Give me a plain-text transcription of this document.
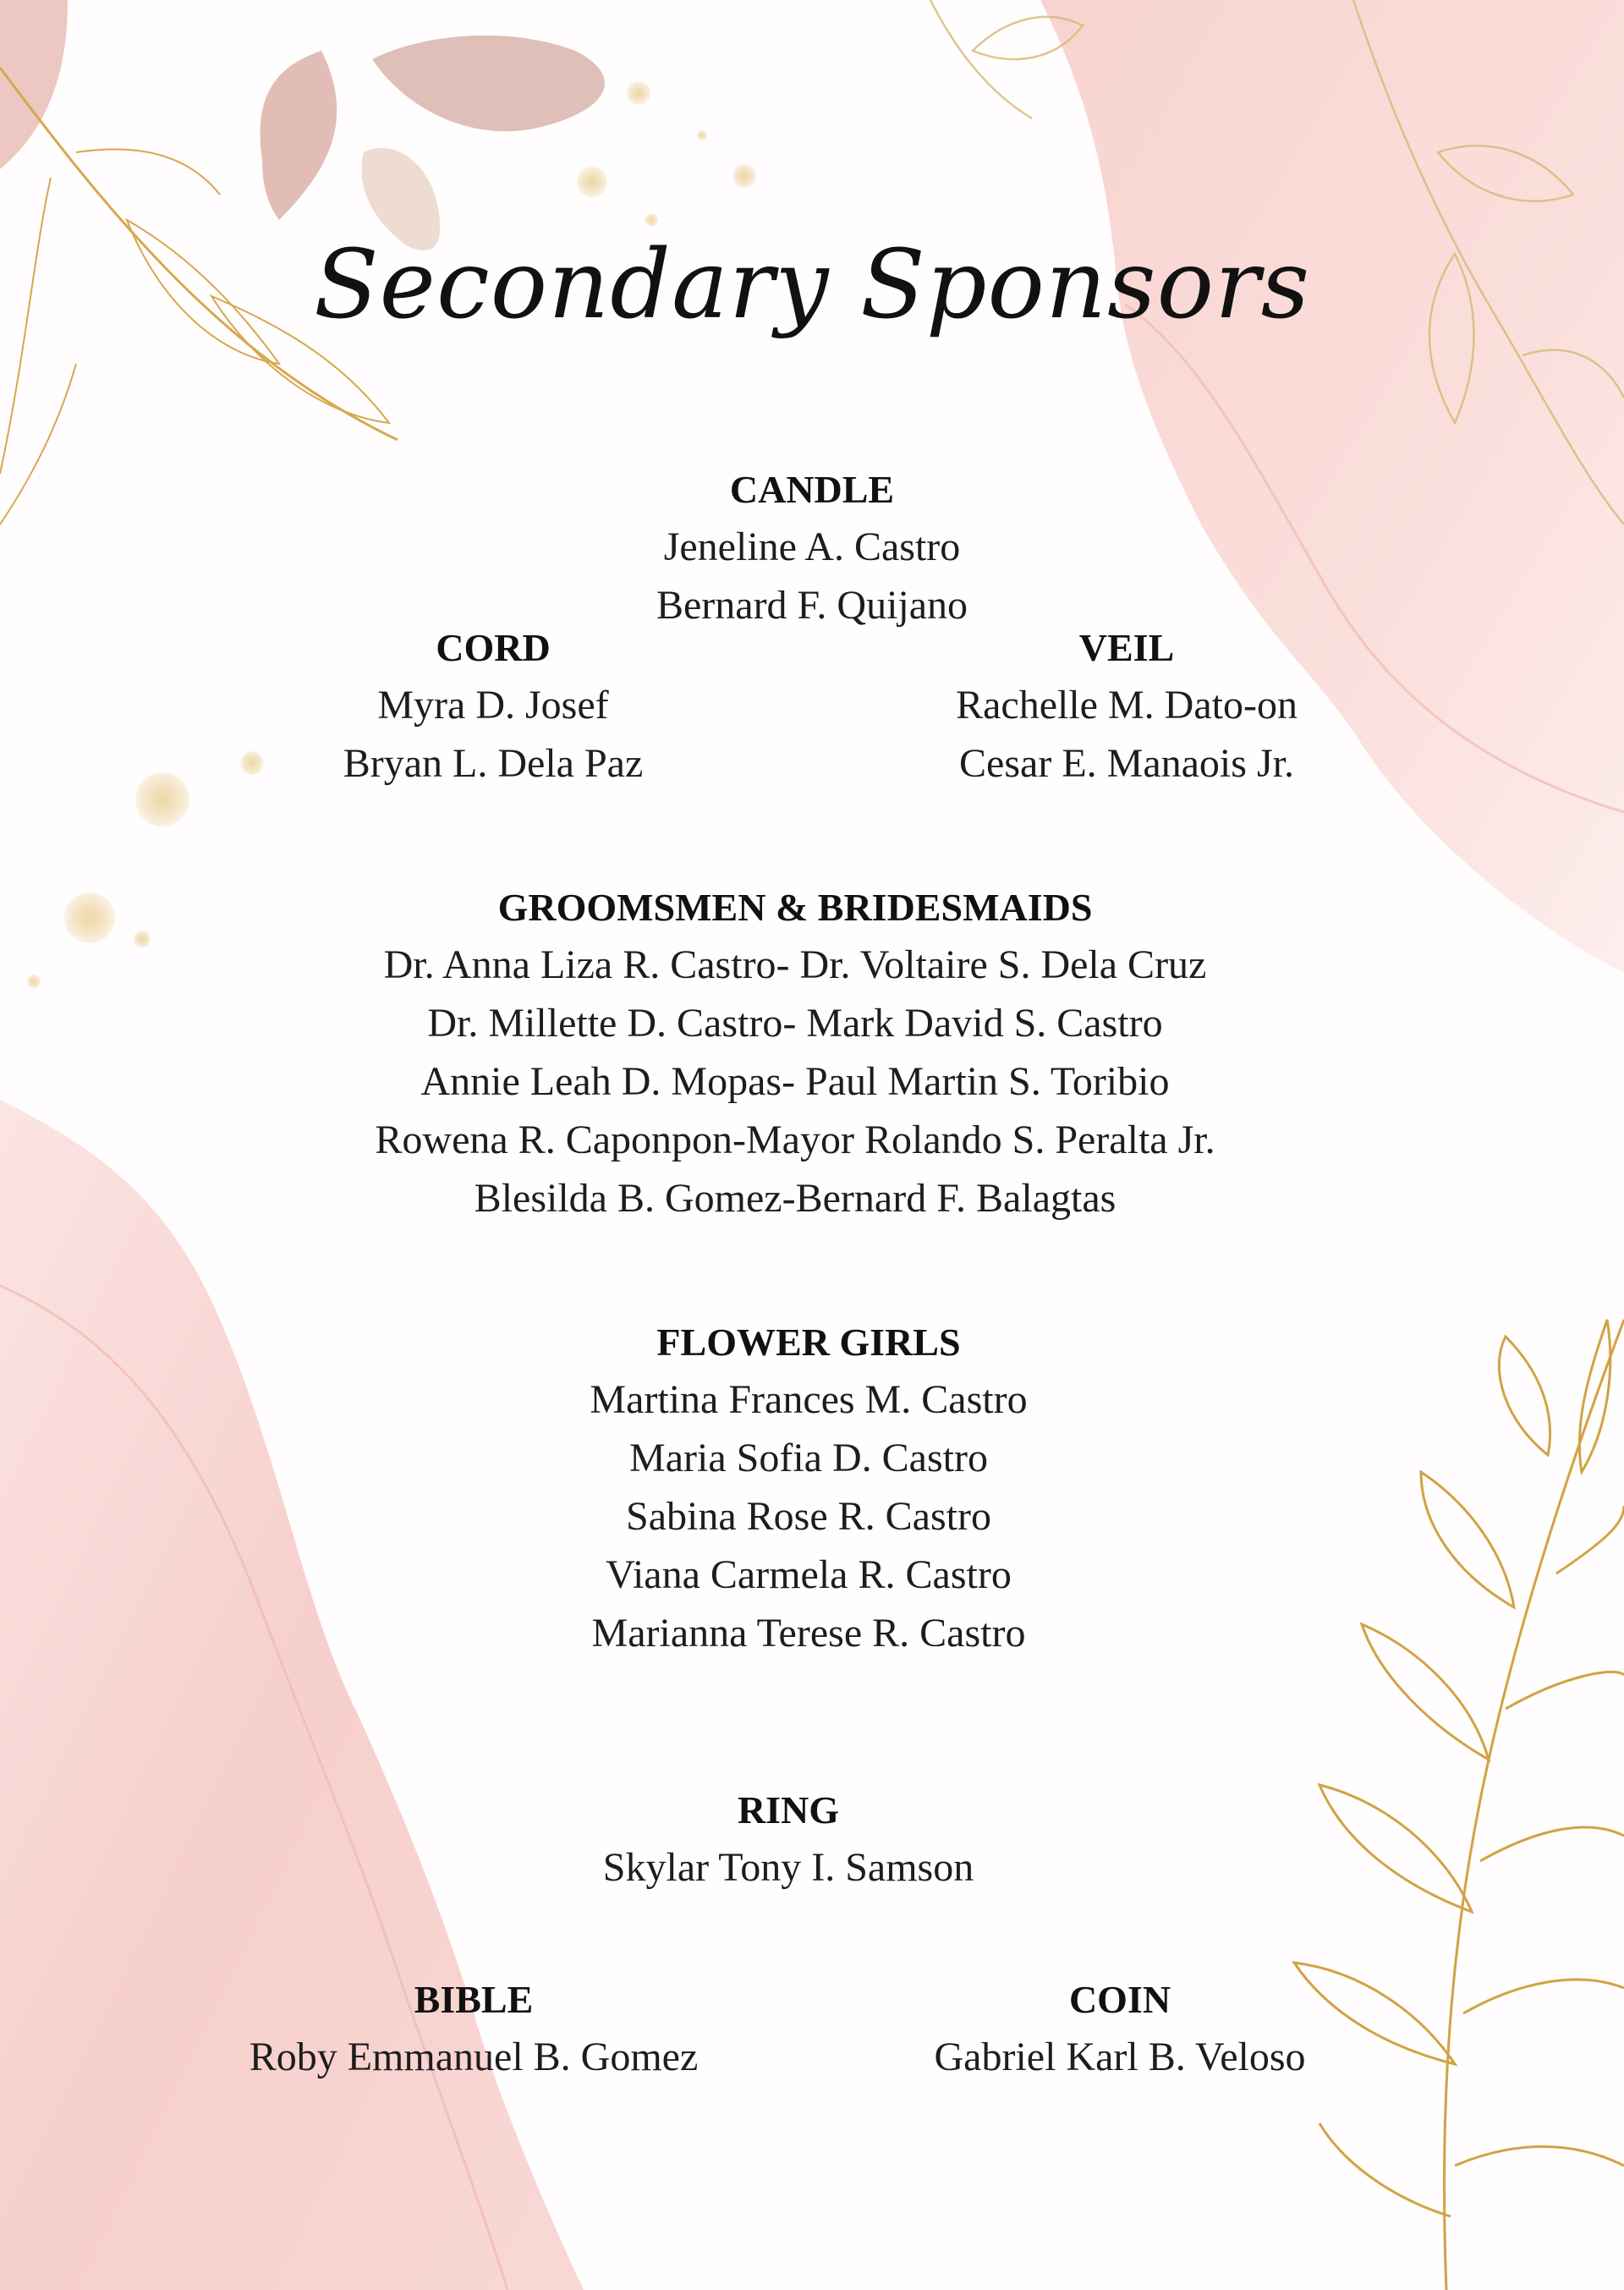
Secondary Sponsors
CANDLE
Jeneline A. Castro
Bernard F. Quijano
CORD
Myra D. Josef
Bryan L. Dela Paz
VEIL
Rachelle M. Dato-on
Cesar E. Manaois Jr.
GROOMSMEN & BRIDESMAIDS
Dr. Anna Liza R. Castro- Dr. Voltaire S. Dela Cruz
Dr. Millette D. Castro- Mark David S. Castro
Annie Leah D. Mopas- Paul Martin S. Toribio
Rowena R. Caponpon-Mayor Rolando S. Peralta Jr.
Blesilda B. Gomez-Bernard F. Balagtas
FLOWER GIRLS
Martina Frances M. Castro
Maria Sofia D. Castro
Sabina Rose R. Castro
Viana Carmela R. Castro
Marianna Terese R. Castro
RING
Skylar Tony I. Samson
BIBLE
Roby Emmanuel B. Gomez
COIN
Gabriel Karl B. Veloso
